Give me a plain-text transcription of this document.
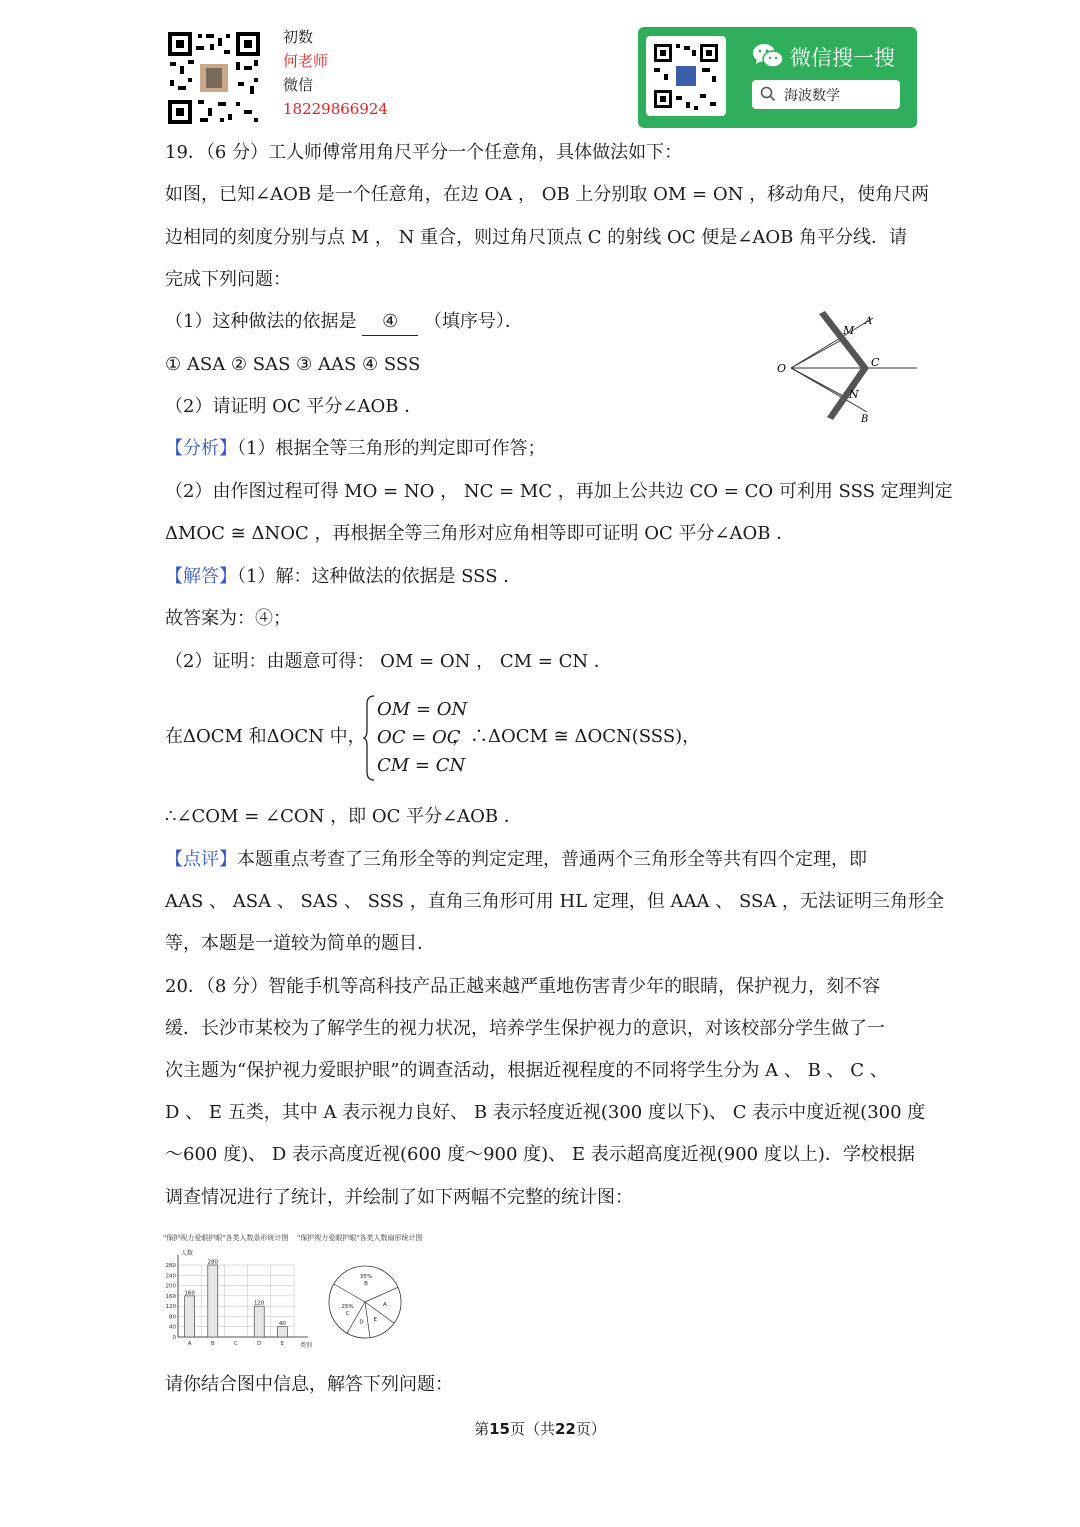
初数
何老师
微信
18229866924
微信搜一搜
海波数学
19．（6 分）工人师傅常用角尺平分一个任意角，具体做法如下：
如图，已知∠AOB 是一个任意角，在边 OA ， OB 上分别取 OM = ON ，移动角尺，使角尺两
边相同的刻度分别与点 M ， N 重合，则过角尺顶点 C 的射线 OC 便是∠AOB 角平分线．请
完成下列问题：
（1）这种做法的依据是 ④ （填序号）．
① ASA ② SAS ③ AAS ④ SSS
（2）请证明 OC 平分∠AOB ．
O
M
A
C
N
B
【分析】（1）根据全等三角形的判定即可作答；
（2）由作图过程可得 MO = NO ， NC = MC ，再加上公共边 CO = CO 可利用 SSS 定理判定
ΔMOC ≅ ΔNOC ，再根据全等三角形对应角相等即可证明 OC 平分∠AOB ．
【解答】（1）解：这种做法的依据是 SSS ．
故答案为：④；
（2）证明：由题意可得： OM = ON ， CM = CN ．
在ΔOCM 和ΔOCN 中，
OM = ON
OC = OC
CM = CN
，∴ΔOCM ≅ ΔOCN(SSS)，
∴∠COM = ∠CON ，即 OC 平分∠AOB ．
【点评】本题重点考查了三角形全等的判定定理，普通两个三角形全等共有四个定理，即
AAS 、 ASA 、 SAS 、 SSS ，直角三角形可用 HL 定理，但 AAA 、 SSA ，无法证明三角形全
等，本题是一道较为简单的题目．
20．（8 分）智能手机等高科技产品正越来越严重地伤害青少年的眼睛，保护视力，刻不容
缓．长沙市某校为了解学生的视力状况，培养学生保护视力的意识，对该校部分学生做了一
次主题为“保护视力爱眼护眼”的调查活动，根据近视程度的不同将学生分为 A 、 B 、 C 、
D 、 E 五类，其中 A 表示视力良好、 B 表示轻度近视(300 度以下)、 C 表示中度近视(300 度
～600 度)、 D 表示高度近视(600 度～900 度)、 E 表示超高度近视(900 度以上)．学校根据
调查情况进行了统计，并绘制了如下两幅不完整的统计图：
"保护视力爱眼护眼"各类人数条形统计图 "保护视力爱眼护眼"各类人数扇形统计图
0
40
80
120
160
200
240
280
人数
类别
160
A
280
B	C
120
D
40
E
35%
B
25%
C
A
D E
请你结合图中信息，解答下列问题：
第15页（共22页）
